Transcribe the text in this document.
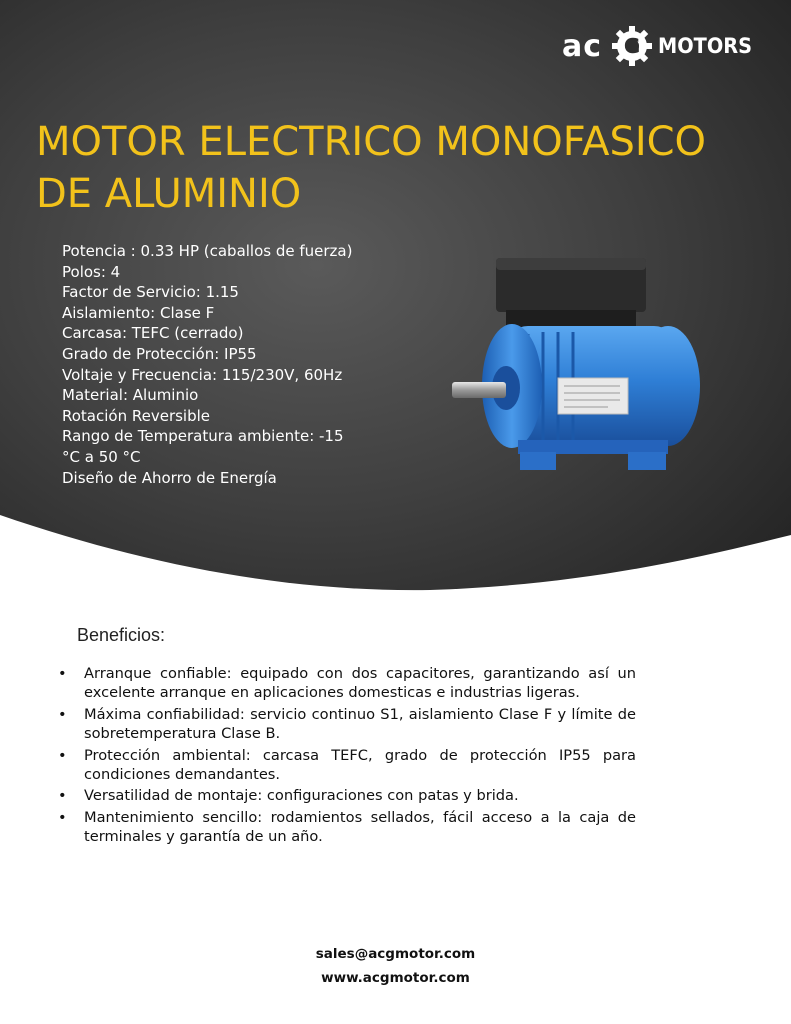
ac	G MOTORS
MOTOR ELECTRICO MONOFASICO
DE ALUMINIO
Potencia : 0.33 HP (caballos de fuerza)
Polos: 4
Factor de Servicio: 1.15
Aislamiento: Clase F
Carcasa: TEFC (cerrado)
Grado de Protección: IP55
Voltaje y Frecuencia: 115/230V, 60Hz
Material: Aluminio
Rotación Reversible
Rango de Temperatura ambiente: -15 °C a 50 °C
Diseño de Ahorro de Energía
Beneficios:
• Arranque confiable: equipado con dos capacitores, garantizando así un excelente arranque en aplicaciones domesticas e industrias ligeras.
• Máxima confiabilidad: servicio continuo S1, aislamiento Clase F y límite de sobretemperatura Clase B.
• Protección ambiental: carcasa TEFC, grado de protección IP55 para condiciones demandantes.
• Versatilidad de montaje: configuraciones con patas y brida.
• Mantenimiento sencillo: rodamientos sellados, fácil acceso a la caja de terminales y garantía de un año.
sales@acgmotor.com
www.acgmotor.com
